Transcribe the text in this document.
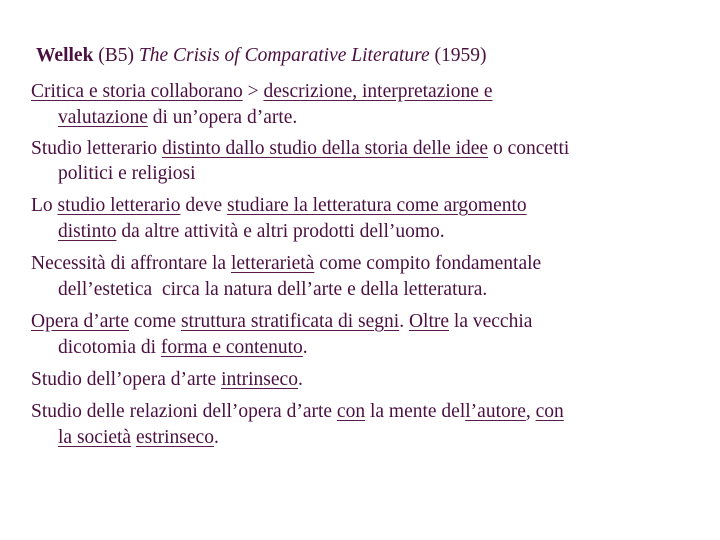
Wellek (B5) The Crisis of Comparative Literature (1959)
Critica e storia collaborano > descrizione, interpretazione e
valutazione di un’opera d’arte.
Studio letterario distinto dallo studio della storia delle idee o concetti
politici e religiosi
Lo studio letterario deve studiare la letteratura come argomento
distinto da altre attività e altri prodotti dell’uomo.
Necessità di affrontare la letterarietà come compito fondamentale
dell’estetica  circa la natura dell’arte e della letteratura.
Opera d’arte come struttura stratificata di segni. Oltre la vecchia
dicotomia di forma e contenuto.
Studio dell’opera d’arte intrinseco.
Studio delle relazioni dell’opera d’arte con la mente dell’autore, con
la società estrinseco.
